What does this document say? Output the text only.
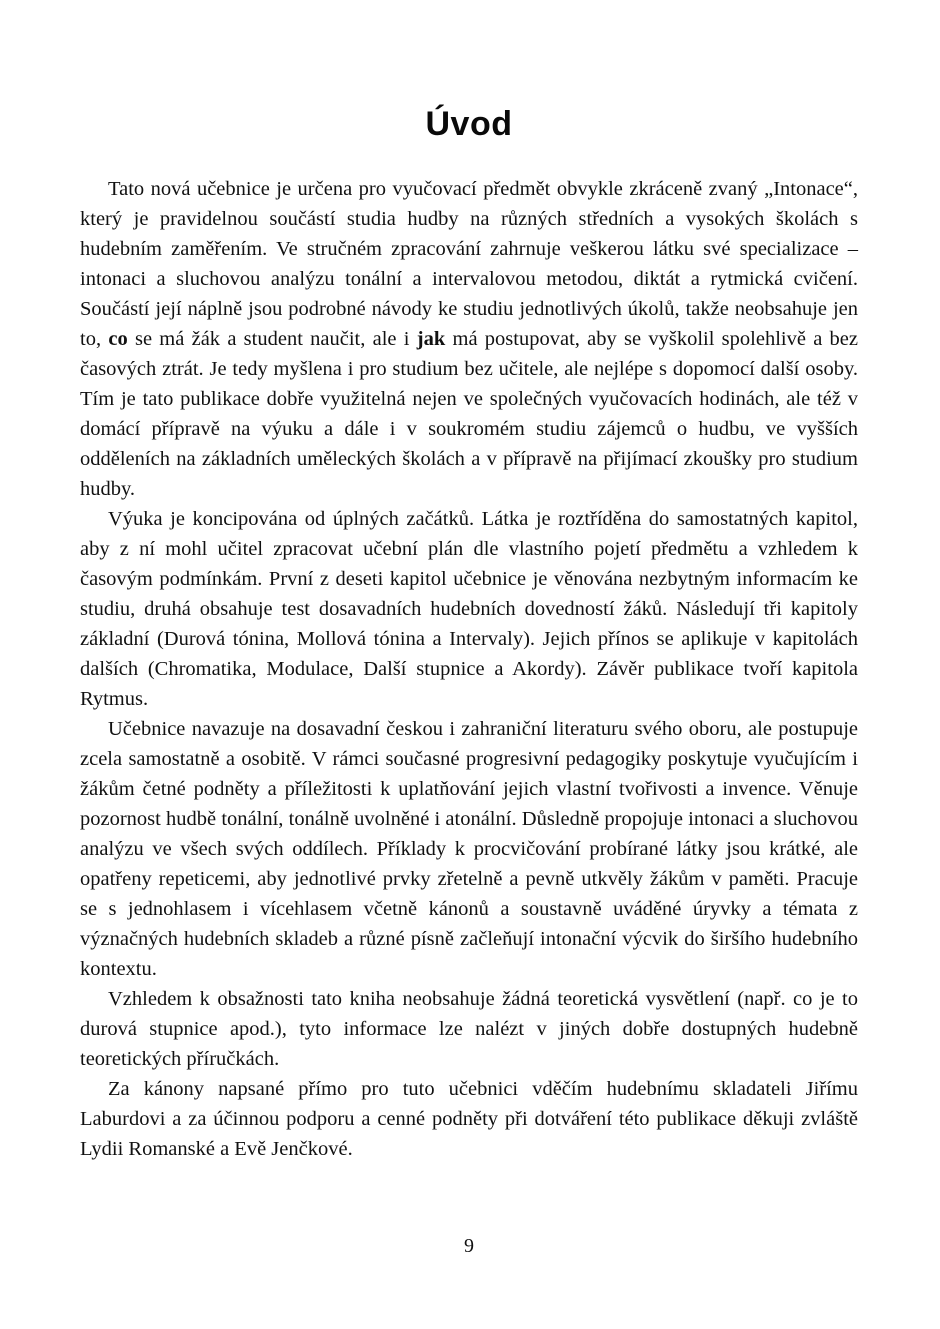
Úvod

Tato nová učebnice je určena pro vyučovací předmět obvykle zkráceně zvaný „Intonace“, který je pravidelnou součástí studia hudby na různých středních a vysokých školách s hudebním zaměřením. Ve stručném zpracování zahrnuje veškerou látku své specializace – intonaci a sluchovou analýzu tonální a intervalovou metodou, diktát a rytmická cvičení. Součástí její náplně jsou podrobné návody ke studiu jednotlivých úkolů, takže neobsahuje jen to, co se má žák a student naučit, ale i jak má postupovat, aby se vyškolil spolehlivě a bez časových ztrát. Je tedy myšlena i pro studium bez učitele, ale nejlépe s dopomocí další osoby. Tím je tato publikace dobře využitelná nejen ve společných vyučovacích hodinách, ale též v domácí přípravě na výuku a dále i v soukromém studiu zájemců o hudbu, ve vyšších odděleních na základních uměleckých školách a v přípravě na přijímací zkoušky pro studium hudby.

Výuka je koncipována od úplných začátků. Látka je roztříděna do samostatných kapitol, aby z ní mohl učitel zpracovat učební plán dle vlastního pojetí předmětu a vzhledem k časovým podmínkám. První z deseti kapitol učebnice je věnována nezbytným informacím ke studiu, druhá obsahuje test dosavadních hudebních dovedností žáků. Následují tři kapitoly základní (Durová tónina, Mollová tónina a Intervaly). Jejich přínos se aplikuje v kapitolách dalších (Chromatika, Modulace, Další stupnice a Akordy). Závěr publikace tvoří kapitola Rytmus.

Učebnice navazuje na dosavadní českou i zahraniční literaturu svého oboru, ale postupuje zcela samostatně a osobitě. V rámci současné progresivní pedagogiky poskytuje vyučujícím i žákům četné podněty a příležitosti k uplatňování jejich vlastní tvořivosti a invence. Věnuje pozornost hudbě tonální, tonálně uvolněné i atonální. Důsledně propojuje intonaci a sluchovou analýzu ve všech svých oddílech. Příklady k procvičování probírané látky jsou krátké, ale opatřeny repeticemi, aby jednotlivé prvky zřetelně a pevně utkvěly žákům v paměti. Pracuje se s jednohlasem i vícehlasem včetně kánonů a soustavně uváděné úryvky a témata z význačných hudebních skladeb a různé písně začleňují intonační výcvik do širšího hudebního kontextu.

Vzhledem k obsažnosti tato kniha neobsahuje žádná teoretická vysvětlení (např. co je to durová stupnice apod.), tyto informace lze nalézt v jiných dobře dostupných hudebně teoretických příručkách.

Za kánony napsané přímo pro tuto učebnici vděčím hudebnímu skladateli Jiřímu Laburdovi a za účinnou podporu a cenné podněty při dotváření této publikace děkuji zvláště Lydii Romanské a Evě Jenčkové.

9
